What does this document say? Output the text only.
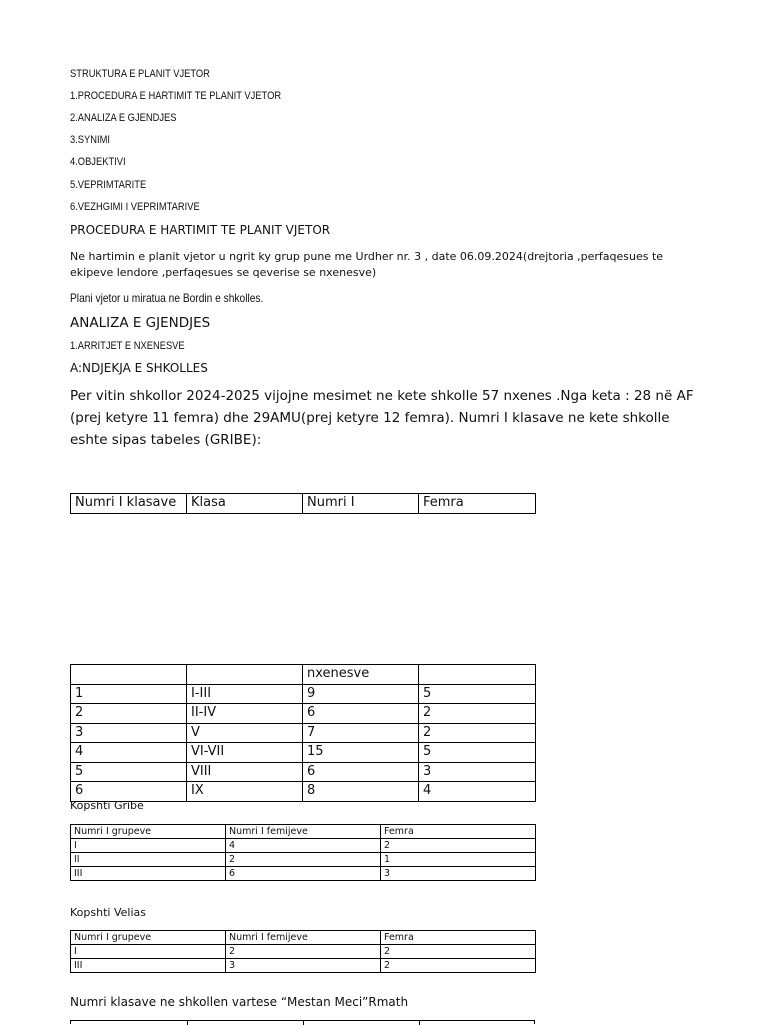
STRUKTURA E PLANIT VJETOR
1.PROCEDURA E HARTIMIT TE PLANIT VJETOR
2.ANALIZA E GJENDJES
3.SYNIMI
4.OBJEKTIVI
5.VEPRIMTARITE
6.VEZHGIMI I VEPRIMTARIVE
PROCEDURA E HARTIMIT TE PLANIT VJETOR
Ne hartimin e planit vjetor u ngrit ky grup pune me Urdher nr. 3 , date 06.09.2024(drejtoria ,perfaqesues te ekipeve lendore ,perfaqesues se qeverise se nxenesve)
Plani vjetor u miratua ne Bordin e shkolles.
ANALIZA E GJENDJES
1.ARRITJET E NXENESVE
A:NDJEKJA E SHKOLLES
Per vitin shkollor 2024-2025 vijojne mesimet ne kete shkolle 57 nxenes .Nga keta : 28 në AF (prej ketyre 11 femra) dhe 29AMU(prej ketyre 12 femra). Numri I klasave ne kete shkolle eshte sipas tabeles (GRIBE):
Numri I klasave	Klasa	Numri I	Femra
		nxenesve	
1	I-III	9	5
2	II-IV	6	2
3	V	7	2
4	VI-VII	15	5
5	VIII	6	3
6	IX	8	4
Kopshti Gribe
Numri I grupeve	Numri I femijeve	Femra
I	4	2
II	2	1
III	6	3
Kopshti Velias
Numri I grupeve	Numri I femijeve	Femra
I	2	2
III	3	2
Numri klasave ne shkollen vartese “Mestan Meci”Rmath
